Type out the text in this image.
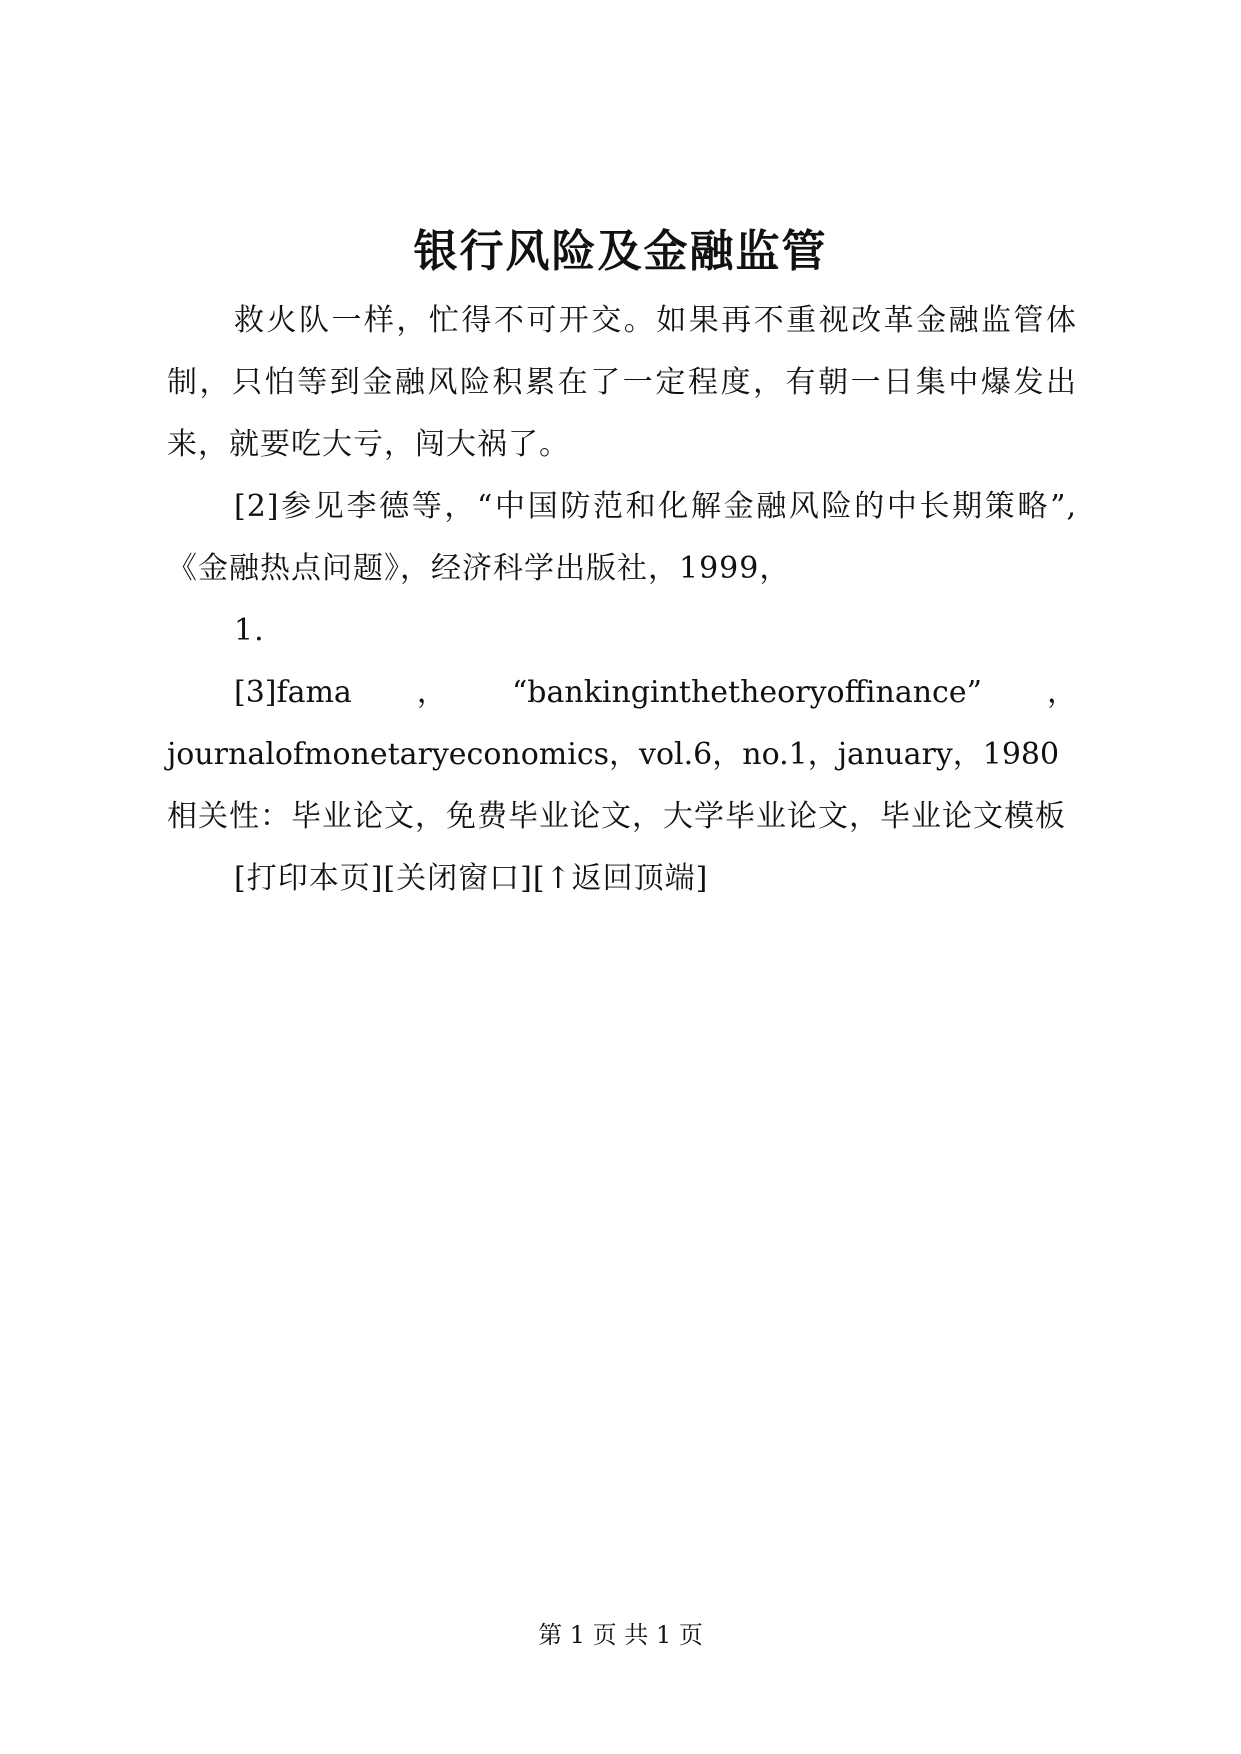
银行风险及金融监管

救火队一样，忙得不可开交。如果再不重视改革金融监管体制，只怕等到金融风险积累在了一定程度，有朝一日集中爆发出来，就要吃大亏，闯大祸了。

[2]参见李德等，“中国防范和化解金融风险的中长期策略”,《金融热点问题》，经济科学出版社，1999，

1.

[3]fama ， “bankinginthetheoryoffinance” ，
journalofmonetaryeconomics，vol.6，no.1，january，1980

相关性：毕业论文，免费毕业论文，大学毕业论文，毕业论文模板

[打印本页][关闭窗口][↑返回顶端]

第 1 页 共 1 页
